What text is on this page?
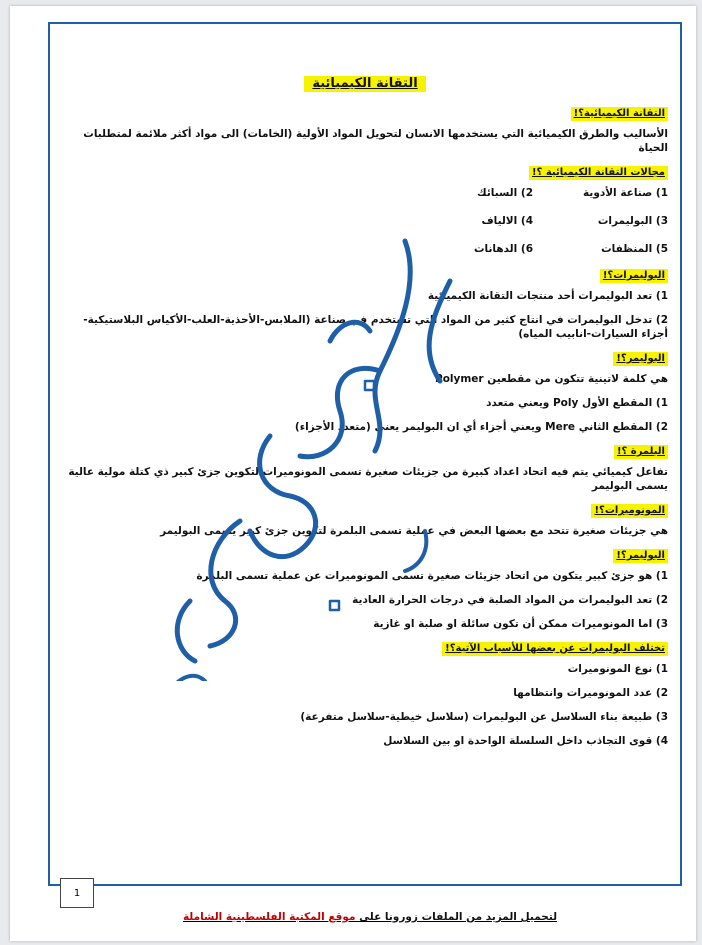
التقانة الكيميائية
التقانة الكيميائية؟!

الأساليب والطرق الكيميائية التي يستخدمها الانسان لتحويل المواد الأولية (الخامات) الى مواد أكثر ملائمة لمتطلبات الحياة

مجالات التقانة الكيميائية ؟!
1) صناعة الأدوية
2) السبائك
3) البوليمرات
4) الالياف
5) المنظفات
6) الدهانات
البوليمرات؟!

1) تعد البوليمرات أحد منتجات التقانة الكيميائية

2) تدخل البوليمرات في انتاج كثير من المواد التي تستخدم في صناعة (الملابس-الأحذية-العلب-الأكياس البلاستيكية-أجزاء السيارات-انابيب المياه)

البوليمر؟!

هي كلمة لاتينية تتكون من مقطعين Polymer

1) المقطع الأول Poly ويعني متعدد

2) المقطع الثاني Mere ويعني أجزاء أي ان البوليمر يعني (متعدد الأجزاء)

البلمرة ؟!

تفاعل كيميائي يتم فيه اتحاد اعداد كبيرة من جزيئات صغيرة تسمى المونوميرات لتكوين جزئ كبير ذي كتلة مولية عالية يسمى البوليمر

المونوميرات؟!

هي جزيئات صغيرة تتحد مع بعضها البعض في عملية تسمى البلمرة لتكوين جزئ كبير يسمى البوليمر

البوليمر؟!

1) هو جزئ كبير يتكون من اتحاد جزيئات صغيرة تسمى المونوميرات عن عملية تسمى البلمرة

2) تعد البوليمرات من المواد الصلبة في درجات الحرارة العادية

3) اما المونوميرات ممكن أن تكون سائلة او صلبة او غازية

تختلف البوليمرات عن بعضها للأسباب الآتية؟!

1) نوع المونوميرات

2) عدد المونوميرات وانتظامها

3) طبيعة بناء السلاسل عن البوليمرات (سلاسل خيطية-سلاسل متفرعة)

4) قوى التجاذب داخل السلسلة الواحدة او بين السلاسل

1
لتحميل المزيد من الملفات زورونا على موقع المكتبة الفلسطينية الشاملة
